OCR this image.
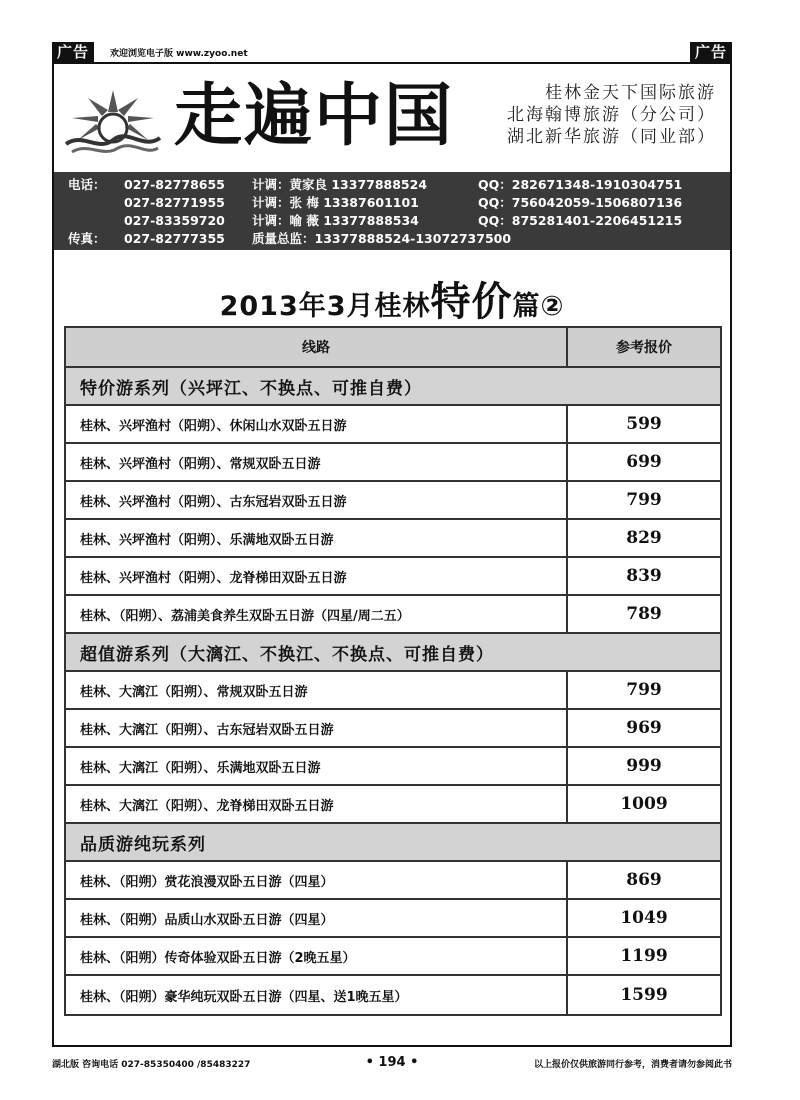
广告	欢迎浏览电子版 www.zyoo.net	广告
走遍中国	桂林金天下国际旅游
北海翰博旅游（分公司）
湖北新华旅游（同业部）
电话： 027-82778655 计调：黄家良 13377888524	QQ：282671348-1910304751
027-82771955 计调：张 梅 13387601101	QQ：756042059-1506807136
027-83359720 计调：喻 薇 13377888534	QQ：875281401-2206451215
传真： 027-82777355 质量总监：13377888524-13072737500
2013年3月桂林特价篇②
线路	参考报价
特价游系列（兴坪江、不换点、可推自费）
桂林、兴坪渔村（阳朔）、休闲山水双卧五日游	599
桂林、兴坪渔村（阳朔）、常规双卧五日游	699
桂林、兴坪渔村（阳朔）、古东冠岩双卧五日游	799
桂林、兴坪渔村（阳朔）、乐满地双卧五日游	829
桂林、兴坪渔村（阳朔）、龙脊梯田双卧五日游	839
桂林、（阳朔）、荔浦美食养生双卧五日游（四星/周二五）	789
超值游系列（大漓江、不换江、不换点、可推自费）
桂林、大漓江（阳朔）、常规双卧五日游	799
桂林、大漓江（阳朔）、古东冠岩双卧五日游	969
桂林、大漓江（阳朔）、乐满地双卧五日游	999
桂林、大漓江（阳朔）、龙脊梯田双卧五日游	1009
品质游纯玩系列
桂林、（阳朔）赏花浪漫双卧五日游（四星）	869
桂林、（阳朔）品质山水双卧五日游（四星）	1049
桂林、（阳朔）传奇体验双卧五日游（2晚五星）	1199
桂林、（阳朔）豪华纯玩双卧五日游（四星、送1晚五星）	1599
湖北版 咨询电话 027-85350400 /85483227	• 194 •	以上报价仅供旅游同行参考，消费者请勿参阅此书
